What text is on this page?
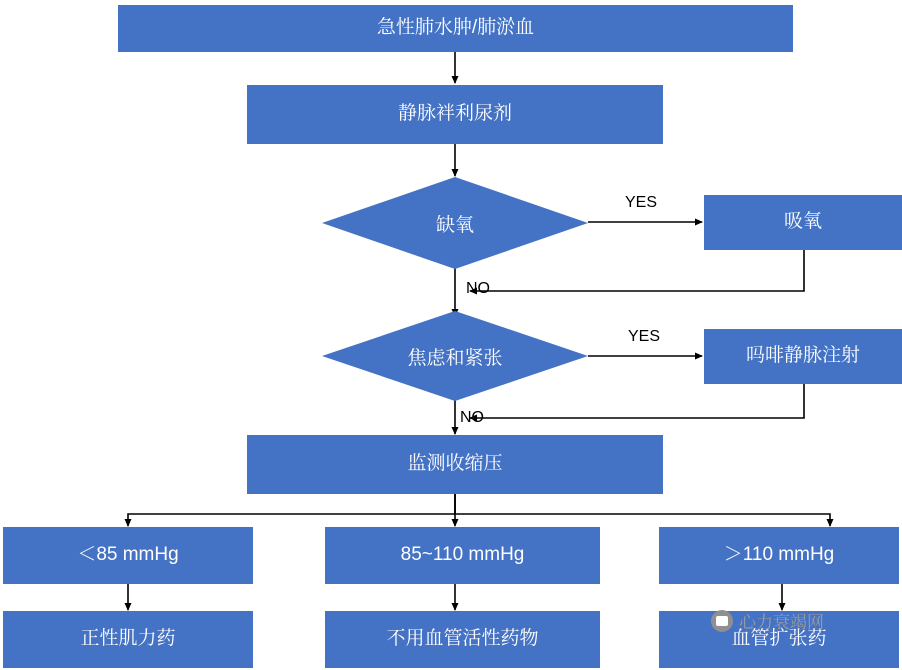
急性肺水肿/肺淤血
静脉袢利尿剂
缺氧	吸氧
YES
NO
焦虑和紧张	吗啡静脉注射
YES
NO
监测收缩压
＜85 mmHg	85~110 mmHg	＞110 mmHg
正性肌力药	不用血管活性药物	血管扩张药
心力衰竭网
